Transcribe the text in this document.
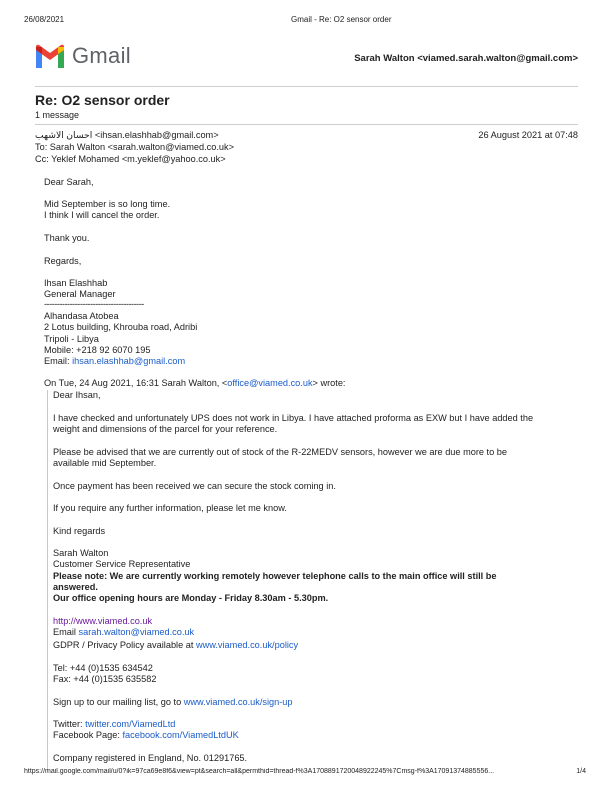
26/08/2021	Gmail - Re: O2 sensor order
Gmail	Sarah Walton <viamed.sarah.walton@gmail.com>
Re: O2 sensor order
1 message
احسان الاشهب <ihsan.elashhab@gmail.com>	26 August 2021 at 07:48
To: Sarah Walton <sarah.walton@viamed.co.uk>
Cc: Yeklef Mohamed <m.yeklef@yahoo.co.uk>
Dear Sarah,
Mid September is so long time.
I think I will cancel the order.
Thank you.
Regards,
Ihsan Elashhab
General Manager
---------------------------------------
Alhandasa Atobea
2 Lotus building, Khrouba road, Adribi
Tripoli - Libya
Mobile: +218 92 6070 195
Email: ihsan.elashhab@gmail.com
On Tue, 24 Aug 2021, 16:31 Sarah Walton, <office@viamed.co.uk> wrote:
Dear Ihsan,
I have checked and unfortunately UPS does not work in Libya. I have attached proforma as EXW but I have added the
weight and dimensions of the parcel for your reference.
Please be advised that we are currently out of stock of the R-22MEDV sensors, however we are due more to be
available mid September.
Once payment has been received we can secure the stock coming in.
If you require any further information, please let me know.
Kind regards
Sarah Walton
Customer Service Representative
Please note: We are currently working remotely however telephone calls to the main office will still be
answered.
Our office opening hours are Monday - Friday 8.30am - 5.30pm.
http://www.viamed.co.uk
Email sarah.walton@viamed.co.uk
GDPR / Privacy Policy available at www.viamed.co.uk/policy
Tel: +44 (0)1535 634542
Fax: +44 (0)1535 635582
Sign up to our mailing list, go to www.viamed.co.uk/sign-up
Twitter: twitter.com/ViamedLtd
Facebook Page: facebook.com/ViamedLtdUK
Company registered in England, No. 01291765.
https://mail.google.com/mail/u/0?ik=97ca69e8f6&view=pt&search=all&permthid=thread-f%3A1708891720048922245%7Cmsg-f%3A17091374885556...	1/4
